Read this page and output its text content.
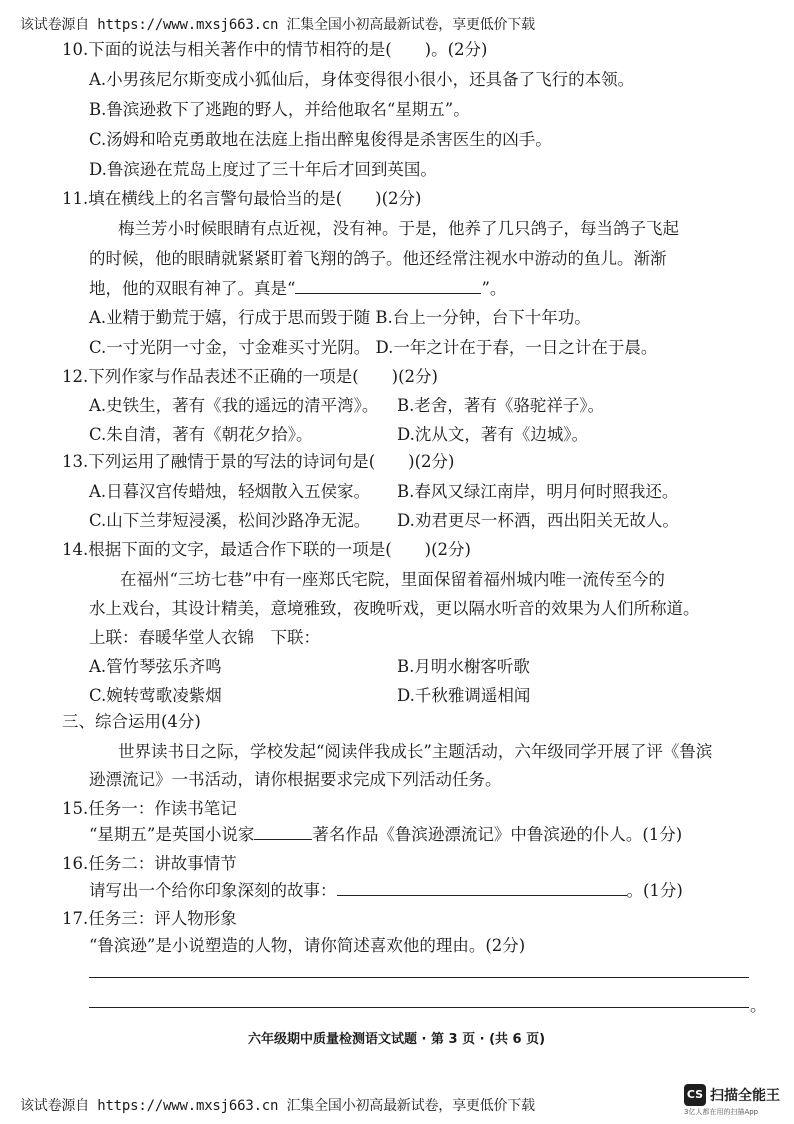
该试卷源自 https://www.mxsj663.cn 汇集全国小初高最新试卷，享更低价下载
10.下面的说法与相关著作中的情节相符的是(　　)。(2分)
A.小男孩尼尔斯变成小狐仙后，身体变得很小很小，还具备了飞行的本领。
B.鲁滨逊救下了逃跑的野人，并给他取名“星期五”。
C.汤姆和哈克勇敢地在法庭上指出醉鬼俊得是杀害医生的凶手。
D.鲁滨逊在荒岛上度过了三十年后才回到英国。
11.填在横线上的名言警句最恰当的是(　　)(2分)
梅兰芳小时候眼睛有点近视，没有神。于是，他养了几只鸽子，每当鸽子飞起
的时候，他的眼睛就紧紧盯着飞翔的鸽子。他还经常注视水中游动的鱼儿。渐渐
地，他的双眼有神了。真是“	”。
A.业精于勤荒于嬉，行成于思而毁于随 B.台上一分钟，台下十年功。
C.一寸光阴一寸金，寸金难买寸光阴。 D.一年之计在于春，一日之计在于晨。
12.下列作家与作品表述不正确的一项是(　　)(2分)
A.史铁生，著有《我的遥远的清平湾》。 B.老舍，著有《骆驼祥子》。
C.朱自清，著有《朝花夕拾》。	D.沈从文，著有《边城》。
13.下列运用了融情于景的写法的诗词句是(　　)(2分)
A.日暮汉宫传蜡烛，轻烟散入五侯家。 B.春风又绿江南岸，明月何时照我还。
C.山下兰芽短浸溪，松间沙路净无泥。 D.劝君更尽一杯酒，西出阳关无故人。
14.根据下面的文字，最适合作下联的一项是(　　)(2分)
在福州“三坊七巷”中有一座郑氏宅院，里面保留着福州城内唯一流传至今的
水上戏台，其设计精美，意境雅致，夜晚听戏，更以隔水听音的效果为人们所称道。
上联：春暖华堂人衣锦　下联：
A.管竹琴弦乐齐鸣	B.月明水榭客听歌
C.婉转莺歌凌紫烟	D.千秋雅调遥相闻
三、综合运用(4分)
世界读书日之际，学校发起“阅读伴我成长”主题活动，六年级同学开展了评《鲁滨
逊漂流记》一书活动，请你根据要求完成下列活动任务。
15.任务一：作读书笔记
“星期五”是英国小说家	著名作品《鲁滨逊漂流记》中鲁滨逊的仆人。(1分)
16.任务二：讲故事情节
请写出一个给你印象深刻的故事：	。(1分)
17.任务三：评人物形象
“鲁滨逊”是小说塑造的人物，请你简述喜欢他的理由。(2分)
。
六年级期中质量检测语文试题 · 第 3 页 · (共 6 页)
该试卷源自 https://www.mxsj663.cn 汇集全国小初高最新试卷，享更低价下载
CS 扫描全能王
3亿人都在用的扫描App
